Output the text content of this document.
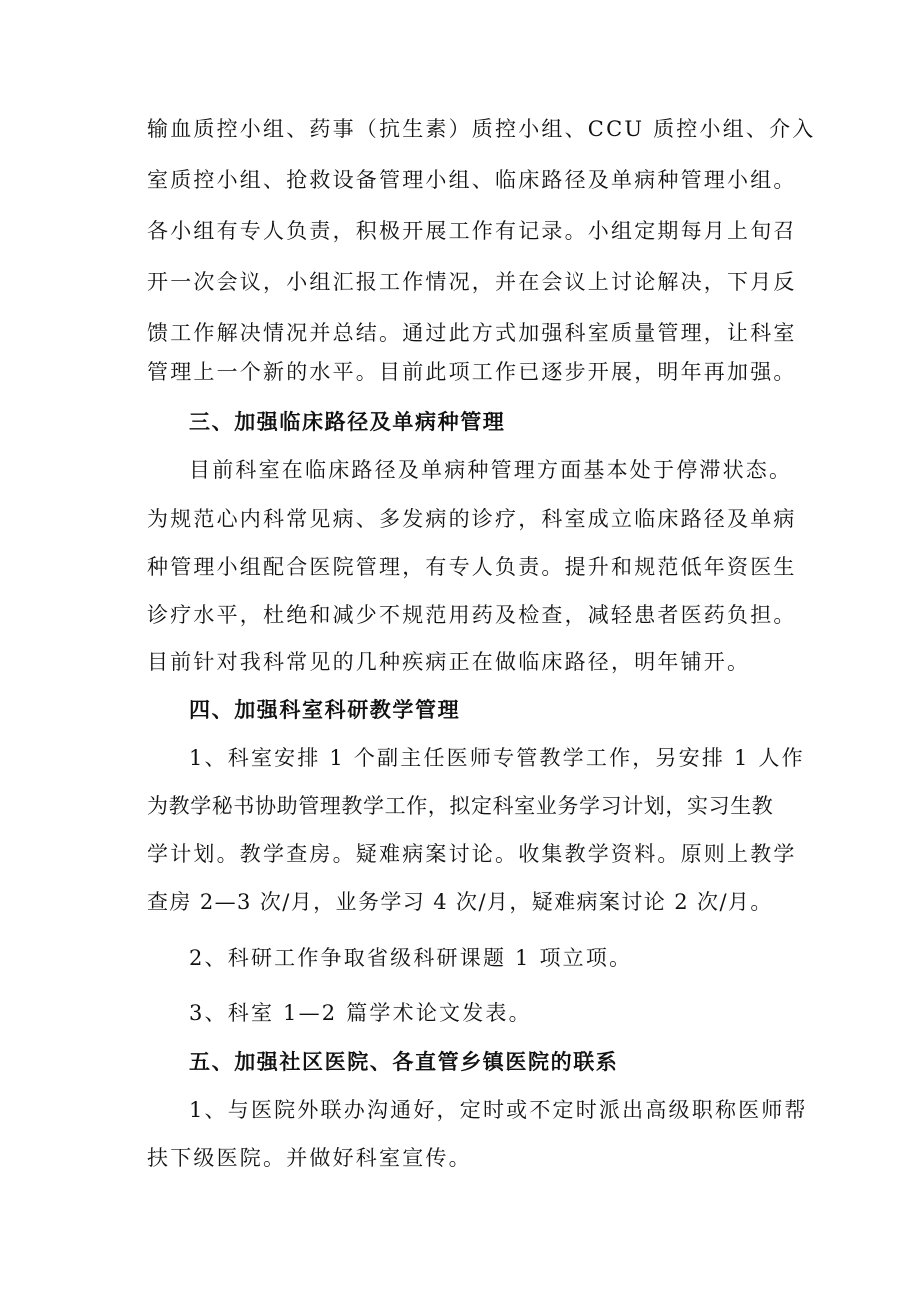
输血质控小组、药事（抗生素）质控小组、CCU 质控小组、介入
室质控小组、抢救设备管理小组、临床路径及单病种管理小组。
各小组有专人负责，积极开展工作有记录。小组定期每月上旬召
开一次会议，小组汇报工作情况，并在会议上讨论解决，下月反
馈工作解决情况并总结。通过此方式加强科室质量管理，让科室
管理上一个新的水平。目前此项工作已逐步开展，明年再加强。
三、加强临床路径及单病种管理
目前科室在临床路径及单病种管理方面基本处于停滞状态。
为规范心内科常见病、多发病的诊疗，科室成立临床路径及单病
种管理小组配合医院管理，有专人负责。提升和规范低年资医生
诊疗水平，杜绝和减少不规范用药及检查，减轻患者医药负担。
目前针对我科常见的几种疾病正在做临床路径，明年铺开。
四、加强科室科研教学管理
1、科室安排 1 个副主任医师专管教学工作，另安排 1 人作
为教学秘书协助管理教学工作，拟定科室业务学习计划，实习生教
学计划。教学查房。疑难病案讨论。收集教学资料。原则上教学
查房 2—3 次/月，业务学习 4 次/月，疑难病案讨论 2 次/月。
2、科研工作争取省级科研课题 1 项立项。
3、科室 1—2 篇学术论文发表。
五、加强社区医院、各直管乡镇医院的联系
1、与医院外联办沟通好，定时或不定时派出高级职称医师帮
扶下级医院。并做好科室宣传。
